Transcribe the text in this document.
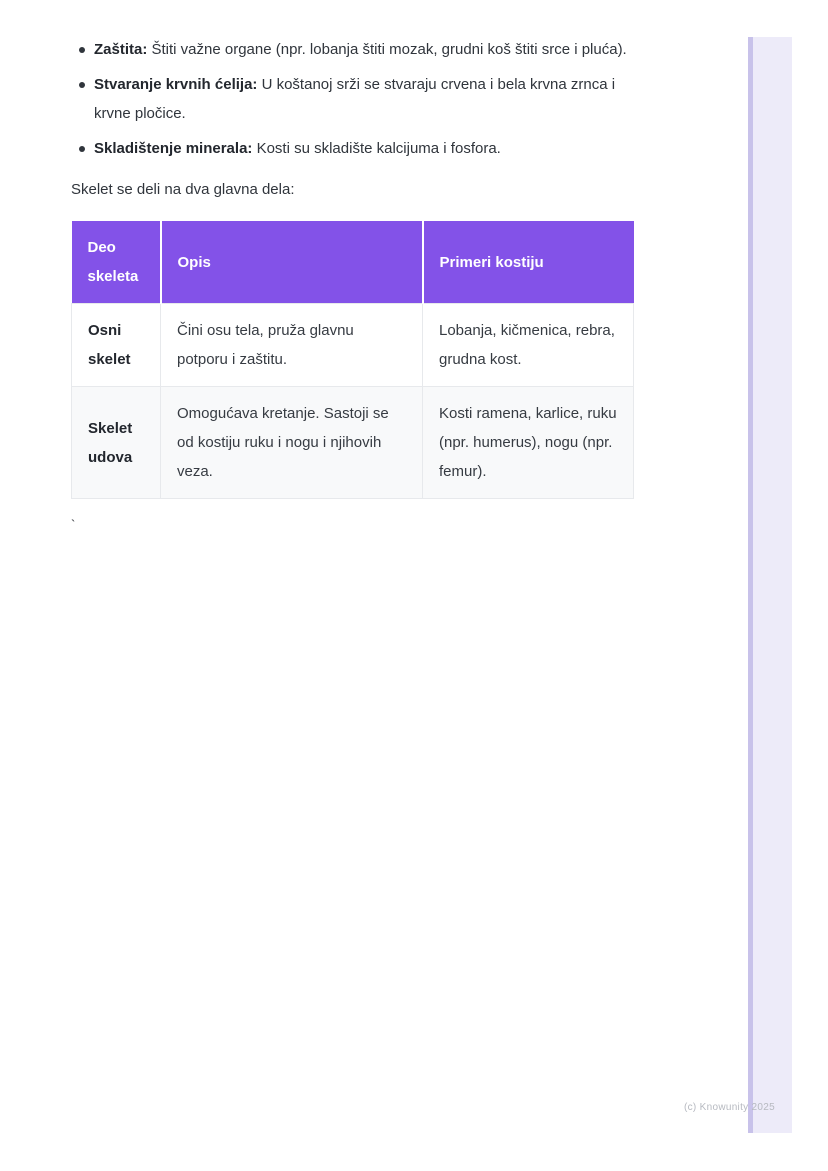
Zaštita: Štiti važne organe (npr. lobanja štiti mozak, grudni koš štiti srce i pluća).
Stvaranje krvnih ćelija: U koštanoj srži se stvaraju crvena i bela krvna zrnca i krvne pločice.
Skladištenje minerala: Kosti su skladište kalcijuma i fosfora.

Skelet se deli na dva glavna dela:

Deo skeleta	Opis	Primeri kostiju
Osni skelet	Čini osu tela, pruža glavnu potporu i zaštitu.	Lobanja, kičmenica, rebra, grudna kost.
Skelet udova	Omogućava kretanje. Sastoji se od kostiju ruku i nogu i njihovih veza.	Kosti ramena, karlice, ruku (npr. humerus), nogu (npr. femur).
`
(c) Knowunity 2025
